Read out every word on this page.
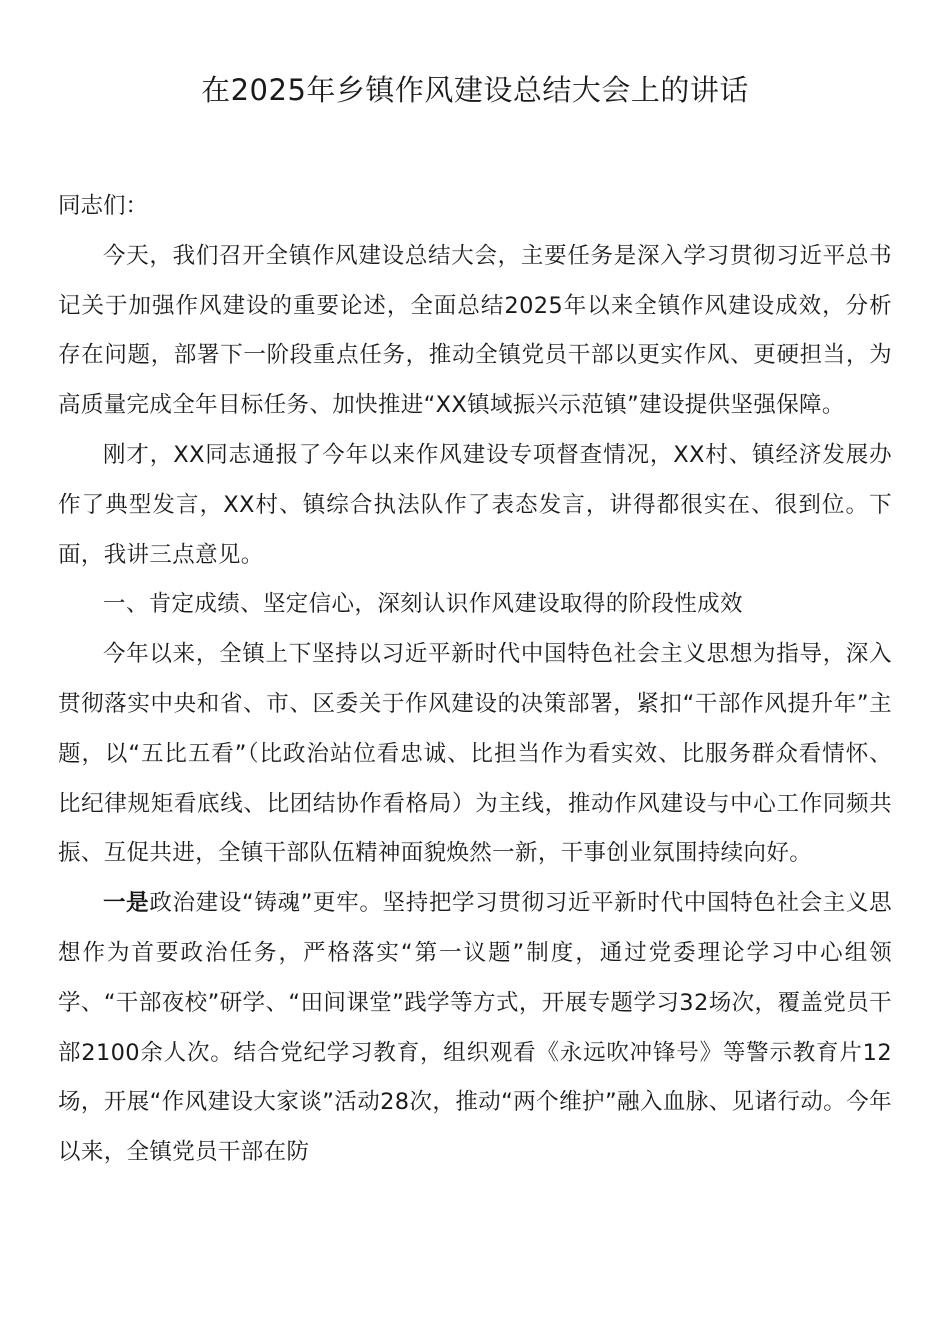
在2025年乡镇作风建设总结大会上的讲话
同志们：

今天，我们召开全镇作风建设总结大会，主要任务是深入学习贯彻习近平总书记关于加强作风建设的重要论述，全面总结2025年以来全镇作风建设成效，分析存在问题，部署下一阶段重点任务，推动全镇党员干部以更实作风、更硬担当，为高质量完成全年目标任务、加快推进“XX镇域振兴示范镇”建设提供坚强保障。

刚才，XX同志通报了今年以来作风建设专项督查情况，XX村、镇经济发展办作了典型发言，XX村、镇综合执法队作了表态发言，讲得都很实在、很到位。下面，我讲三点意见。

一、肯定成绩、坚定信心，深刻认识作风建设取得的阶段性成效

今年以来，全镇上下坚持以习近平新时代中国特色社会主义思想为指导，深入贯彻落实中央和省、市、区委关于作风建设的决策部署，紧扣“干部作风提升年”主题，以“五比五看”（比政治站位看忠诚、比担当作为看实效、比服务群众看情怀、比纪律规矩看底线、比团结协作看格局）为主线，推动作风建设与中心工作同频共振、互促共进，全镇干部队伍精神面貌焕然一新，干事创业氛围持续向好。

一是政治建设“铸魂”更牢。坚持把学习贯彻习近平新时代中国特色社会主义思想作为首要政治任务，严格落实“第一议题”制度，通过党委理论学习中心组领学、“干部夜校”研学、“田间课堂”践学等方式，开展专题学习32场次，覆盖党员干部2100余人次。结合党纪学习教育，组织观看《永远吹冲锋号》等警示教育片12场，开展“作风建设大家谈”活动28次，推动“两个维护”融入血脉、见诸行动。今年以来，全镇党员干部在防
